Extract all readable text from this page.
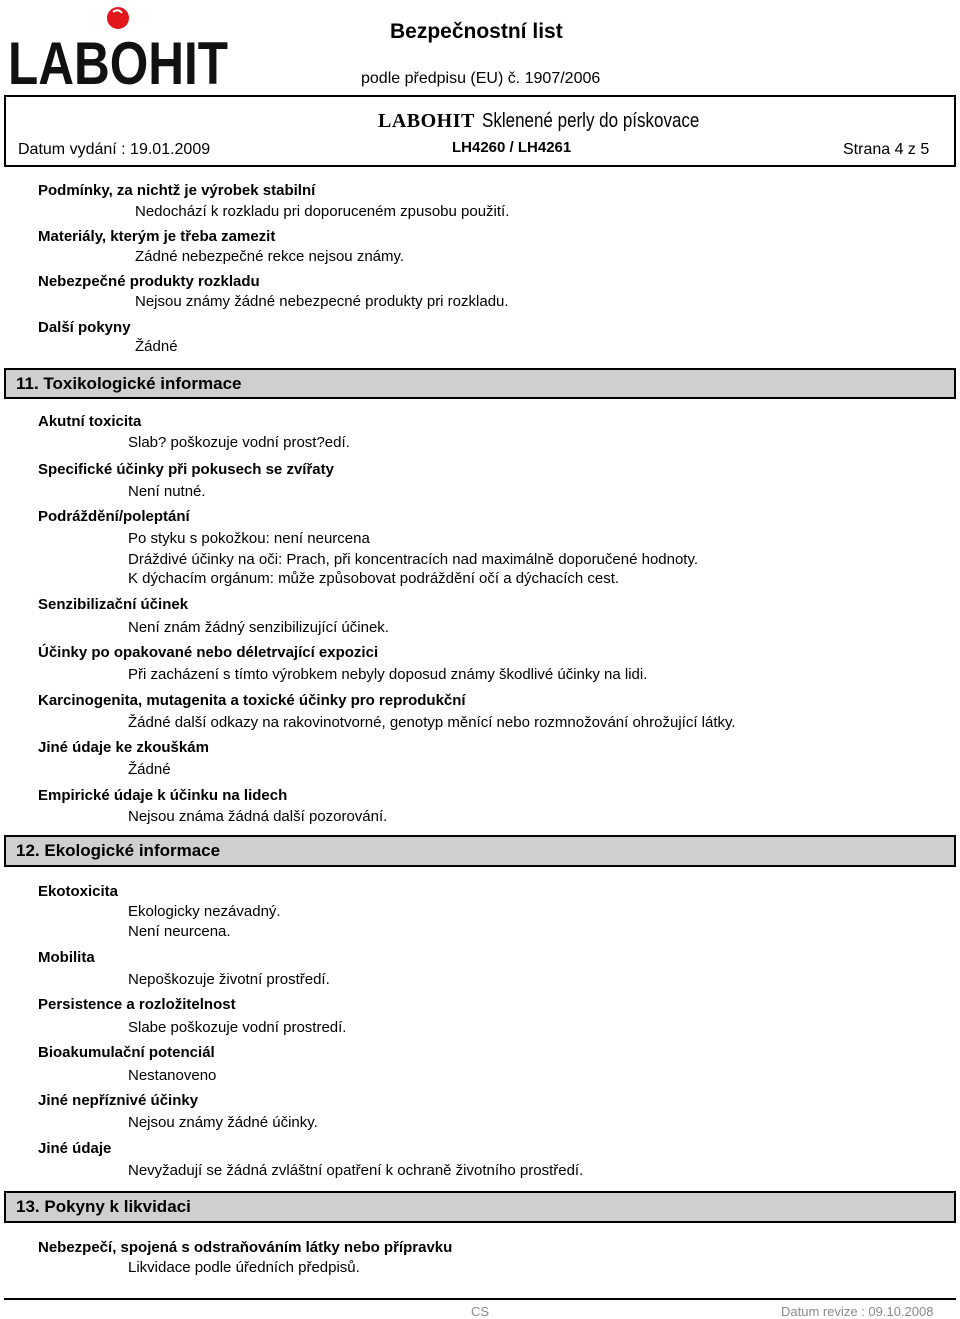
LABOHIT	Bezpečnostní list
podle předpisu (EU) č. 1907/2006
LABOHIT Sklenené perly do pískovace
Datum vydání : 19.01.2009	LH4260 / LH4261	Strana 4 z 5
Podmínky, za nichtž je výrobek stabilní
Nedochází k rozkladu pri doporuceném zpusobu použití.
Materiály, kterým je třeba zamezit
Zádné nebezpečné rekce nejsou známy.
Nebezpečné produkty rozkladu
Nejsou známy žádné nebezpecné produkty pri rozkladu.
Další pokyny
Žádné
11. Toxikologické informace
Akutní toxicita
Slab? poškozuje vodní prost?edí.
Specifické účinky při pokusech se zvířaty
Není nutné.
Podráždění/poleptání
Po styku s pokožkou: není neurcena
Dráždivé účinky na oči: Prach, při koncentracích nad maximálně doporučené hodnoty.
K dýchacím orgánum: může způsobovat podráždění očí a dýchacích cest.
Senzibilizační účinek
Není znám žádný senzibilizující účinek.
Účinky po opakované nebo déletrvající expozici
Při zacházení s tímto výrobkem nebyly doposud známy škodlivé účinky na lidi.
Karcinogenita, mutagenita a toxické účinky pro reprodukční
Žádné další odkazy na rakovinotvorné, genotyp měnící nebo rozmnožování ohrožující látky.
Jiné údaje ke zkouškám
Žádné
Empirické údaje k účinku na lidech
Nejsou známa žádná další pozorování.
12. Ekologické informace
Ekotoxicita
Ekologicky nezávadný.
Není neurcena.
Mobilita
Nepoškozuje životní prostředí.
Persistence a rozložitelnost
Slabe poškozuje vodní prostredí.
Bioakumulační potenciál
Nestanoveno
Jiné nepříznivé účinky
Nejsou známy žádné účinky.
Jiné údaje
Nevyžadují se žádná zvláštní opatření k ochraně životního prostředí.
13. Pokyny k likvidaci
Nebezpečí, spojená s odstraňováním látky nebo přípravku
Likvidace podle úředních předpisů.
CS	Datum revize : 09.10.2008
